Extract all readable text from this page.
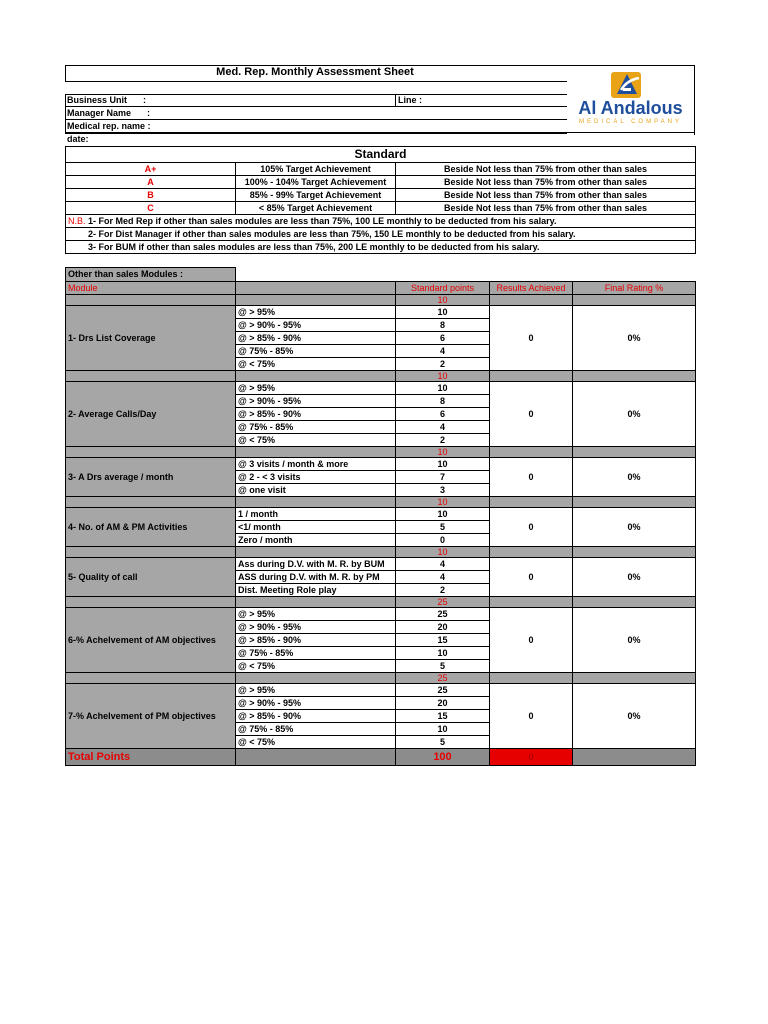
Med. Rep. Monthly Assessment Sheet
Al Andalous
MEDICAL COMPANY
Business Unit :	Line :
Manager Name :
Medical rep. name :
date:
Standard		
A+	105% Target Achievement	Beside Not less than 75% from other than sales
A	100% - 104% Target Achievement	Beside Not less than 75% from other than sales
B	85% - 99% Target Achievement	Beside Not less than 75% from other than sales
C	< 85% Target Achievement	Beside Not less than 75% from other than sales
N.B. 1- For Med Rep if other than sales modules are less than 75%, 100 LE monthly to be deducted from his salary.		
2- For Dist Manager if other than sales modules are less than 75%, 150 LE monthly to be deducted from his salary.		
3- For BUM if other than sales modules are less than 75%, 200 LE monthly to be deducted from his salary.		
Other than sales Modules :
Module		Standard points	Results Achieved	Final Rating %
		10		
1- Drs List Coverage	@ > 95%	10	0	0%
	@ > 90% - 95%	8		
	@ > 85% - 90%	6		
	@ 75% - 85%	4		
	@ < 75%	2		
		10		
2- Average Calls/Day	@ > 95%	10	0	0%
	@ > 90% - 95%	8		
	@ > 85% - 90%	6		
	@ 75% - 85%	4		
	@ < 75%	2		
		10		
3- A Drs average / month	@ 3 visits / month & more	10	0	0%
	@ 2 - < 3 visits	7		
	@ one visit	3		
		10		
4- No. of AM & PM Activities	1 / month	10	0	0%
	<1/ month	5		
	Zero / month	0		
		10		
5- Quality of call	Ass during D.V. with M. R. by BUM	4	0	0%
	ASS during D.V. with M. R. by PM	4		
	Dist. Meeting Role play	2		
		25		
6-% Achelvement of AM objectives	@ > 95%	25	0	0%
	@ > 90% - 95%	20		
	@ > 85% - 90%	15		
	@ 75% - 85%	10		
	@ < 75%	5		
		25		
7-% Achelvement of PM objectives	@ > 95%	25	0	0%
	@ > 90% - 95%	20		
	@ > 85% - 90%	15		
	@ 75% - 85%	10		
	@ < 75%	5		
Total Points		100	0	
